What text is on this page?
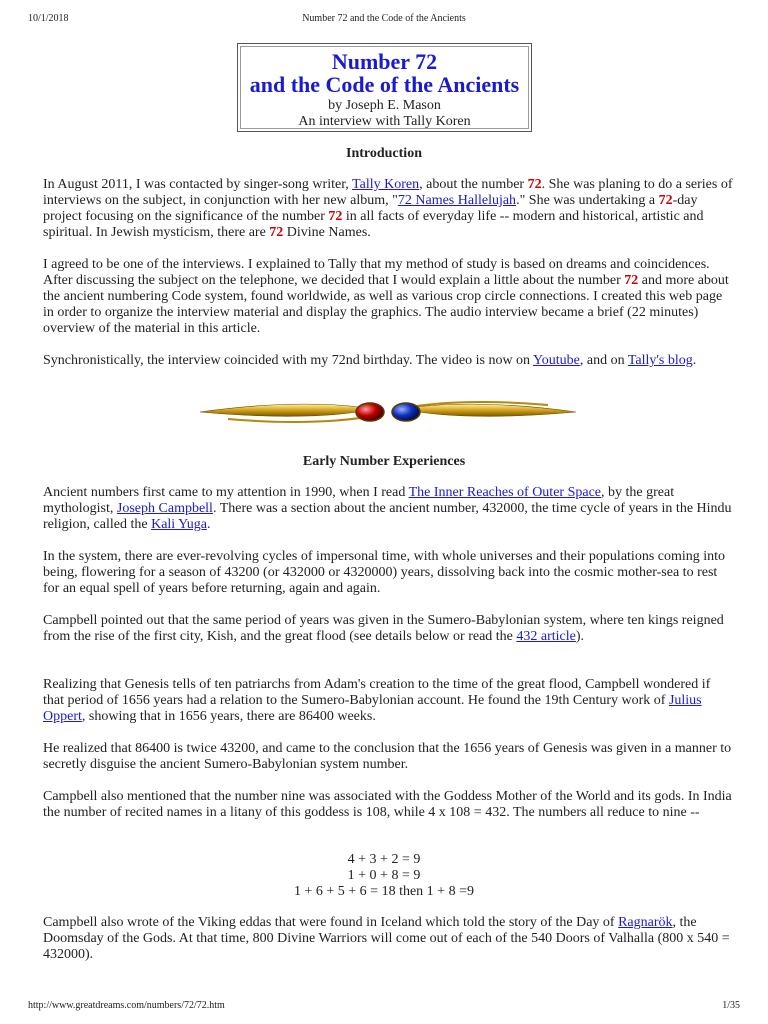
10/1/2018	Number 72 and the Code of the Ancients
Number 72
and the Code of the Ancients
by Joseph E. Mason
An interview with Tally Koren
Introduction
In August 2011, I was contacted by singer-song writer, Tally Koren, about the number 72. She was planing to do a series of interviews on the subject, in conjunction with her new album, "72 Names Hallelujah." She was undertaking a 72-day project focusing on the significance of the number 72 in all facts of everyday life -- modern and historical, artistic and spiritual. In Jewish mysticism, there are 72 Divine Names.
I agreed to be one of the interviews. I explained to Tally that my method of study is based on dreams and coincidences. After discussing the subject on the telephone, we decided that I would explain a little about the number 72 and more about the ancient numbering Code system, found worldwide, as well as various crop circle connections. I created this web page in order to organize the interview material and display the graphics. The audio interview became a brief (22 minutes) overview of the material in this article.
Synchronistically, the interview coincided with my 72nd birthday. The video is now on Youtube, and on Tally's blog.
Early Number Experiences
Ancient numbers first came to my attention in 1990, when I read The Inner Reaches of Outer Space, by the great mythologist, Joseph Campbell. There was a section about the ancient number, 432000, the time cycle of years in the Hindu religion, called the Kali Yuga.
In the system, there are ever-revolving cycles of impersonal time, with whole universes and their populations coming into being, flowering for a season of 43200 (or 432000 or 4320000) years, dissolving back into the cosmic mother-sea to rest for an equal spell of years before returning, again and again.
Campbell pointed out that the same period of years was given in the Sumero-Babylonian system, where ten kings reigned from the rise of the first city, Kish, and the great flood (see details below or read the 432 article).
Realizing that Genesis tells of ten patriarchs from Adam's creation to the time of the great flood, Campbell wondered if that period of 1656 years had a relation to the Sumero-Babylonian account. He found the 19th Century work of Julius Oppert, showing that in 1656 years, there are 86400 weeks.
He realized that 86400 is twice 43200, and came to the conclusion that the 1656 years of Genesis was given in a manner to secretly disguise the ancient Sumero-Babylonian system number.
Campbell also mentioned that the number nine was associated with the Goddess Mother of the World and its gods. In India the number of recited names in a litany of this goddess is 108, while 4 x 108 = 432. The numbers all reduce to nine --
4 + 3 + 2 = 9
1 + 0 + 8 = 9
1 + 6 + 5 + 6 = 18 then 1 + 8 =9
Campbell also wrote of the Viking eddas that were found in Iceland which told the story of the Day of Ragnarök, the Doomsday of the Gods. At that time, 800 Divine Warriors will come out of each of the 540 Doors of Valhalla (800 x 540 = 432000).
http://www.greatdreams.com/numbers/72/72.htm	1/35
